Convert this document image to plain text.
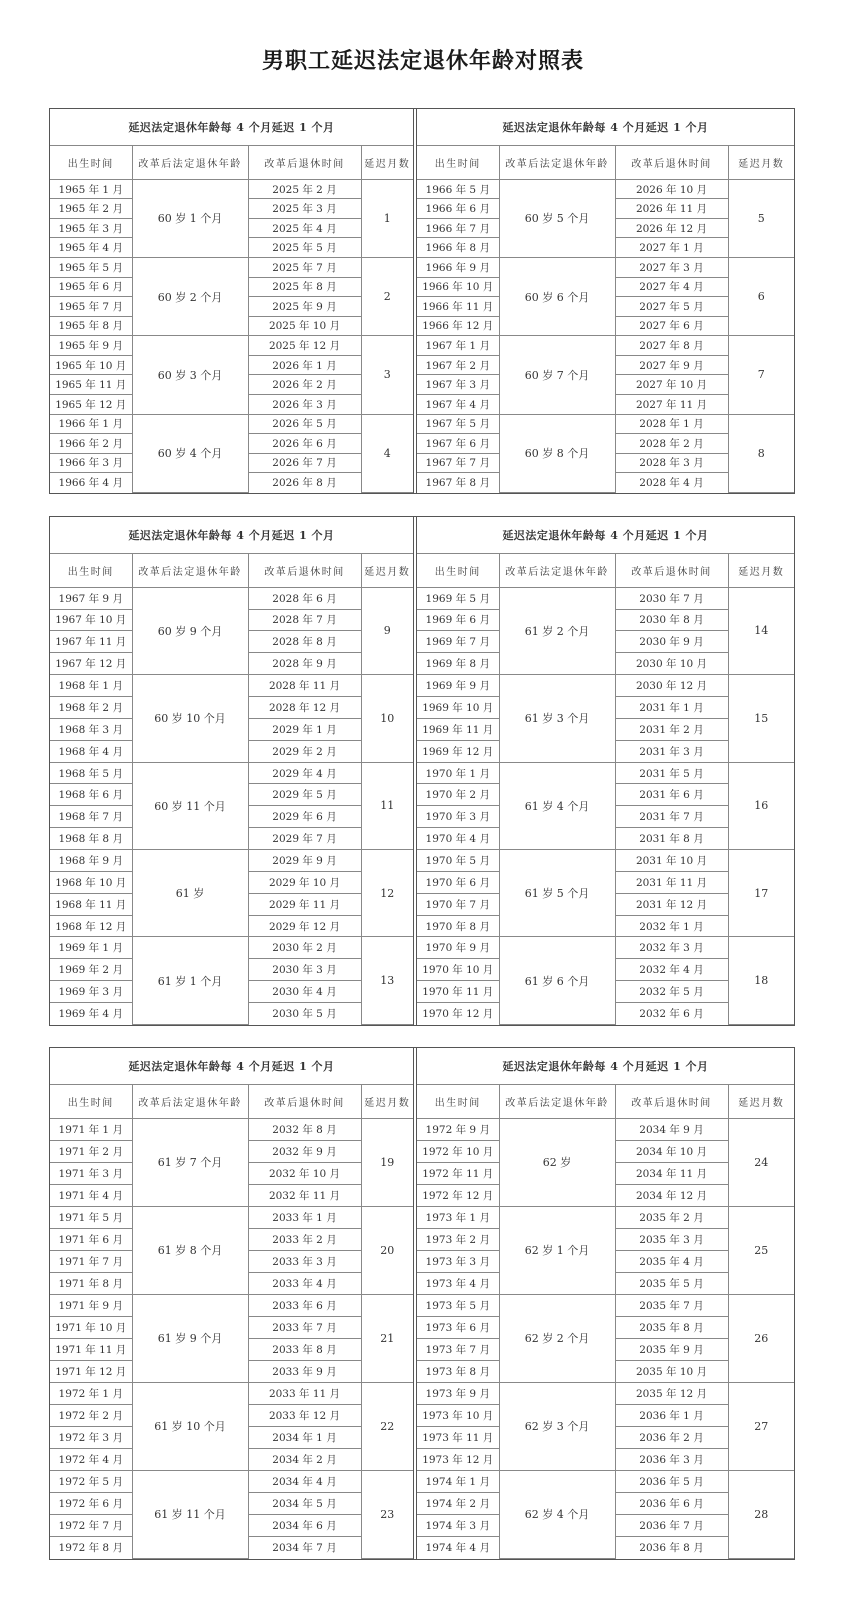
男职工延迟法定退休年龄对照表
延迟法定退休年龄每 4 个月延迟 1 个月			
出生时间	改革后法定退休年龄	改革后退休时间	延迟月数
1965 年 1 月	60 岁 1 个月	2025 年 2 月	1
1965 年 2 月		2025 年 3 月	
1965 年 3 月		2025 年 4 月	
1965 年 4 月		2025 年 5 月	
1965 年 5 月	60 岁 2 个月	2025 年 7 月	2
1965 年 6 月		2025 年 8 月	
1965 年 7 月		2025 年 9 月	
1965 年 8 月		2025 年 10 月	
1965 年 9 月	60 岁 3 个月	2025 年 12 月	3
1965 年 10 月		2026 年 1 月	
1965 年 11 月		2026 年 2 月	
1965 年 12 月		2026 年 3 月	
1966 年 1 月	60 岁 4 个月	2026 年 5 月	4
1966 年 2 月		2026 年 6 月	
1966 年 3 月		2026 年 7 月	
1966 年 4 月		2026 年 8 月	
延迟法定退休年龄每 4 个月延迟 1 个月			
出生时间	改革后法定退休年龄	改革后退休时间	延迟月数
1966 年 5 月	60 岁 5 个月	2026 年 10 月	5
1966 年 6 月		2026 年 11 月	
1966 年 7 月		2026 年 12 月	
1966 年 8 月		2027 年 1 月	
1966 年 9 月	60 岁 6 个月	2027 年 3 月	6
1966 年 10 月		2027 年 4 月	
1966 年 11 月		2027 年 5 月	
1966 年 12 月		2027 年 6 月	
1967 年 1 月	60 岁 7 个月	2027 年 8 月	7
1967 年 2 月		2027 年 9 月	
1967 年 3 月		2027 年 10 月	
1967 年 4 月		2027 年 11 月	
1967 年 5 月	60 岁 8 个月	2028 年 1 月	8
1967 年 6 月		2028 年 2 月	
1967 年 7 月		2028 年 3 月	
1967 年 8 月		2028 年 4 月	
延迟法定退休年龄每 4 个月延迟 1 个月			
出生时间	改革后法定退休年龄	改革后退休时间	延迟月数
1967 年 9 月	60 岁 9 个月	2028 年 6 月	9
1967 年 10 月		2028 年 7 月	
1967 年 11 月		2028 年 8 月	
1967 年 12 月		2028 年 9 月	
1968 年 1 月	60 岁 10 个月	2028 年 11 月	10
1968 年 2 月		2028 年 12 月	
1968 年 3 月		2029 年 1 月	
1968 年 4 月		2029 年 2 月	
1968 年 5 月	60 岁 11 个月	2029 年 4 月	11
1968 年 6 月		2029 年 5 月	
1968 年 7 月		2029 年 6 月	
1968 年 8 月		2029 年 7 月	
1968 年 9 月	61 岁	2029 年 9 月	12
1968 年 10 月		2029 年 10 月	
1968 年 11 月		2029 年 11 月	
1968 年 12 月		2029 年 12 月	
1969 年 1 月	61 岁 1 个月	2030 年 2 月	13
1969 年 2 月		2030 年 3 月	
1969 年 3 月		2030 年 4 月	
1969 年 4 月		2030 年 5 月	
延迟法定退休年龄每 4 个月延迟 1 个月			
出生时间	改革后法定退休年龄	改革后退休时间	延迟月数
1969 年 5 月	61 岁 2 个月	2030 年 7 月	14
1969 年 6 月		2030 年 8 月	
1969 年 7 月		2030 年 9 月	
1969 年 8 月		2030 年 10 月	
1969 年 9 月	61 岁 3 个月	2030 年 12 月	15
1969 年 10 月		2031 年 1 月	
1969 年 11 月		2031 年 2 月	
1969 年 12 月		2031 年 3 月	
1970 年 1 月	61 岁 4 个月	2031 年 5 月	16
1970 年 2 月		2031 年 6 月	
1970 年 3 月		2031 年 7 月	
1970 年 4 月		2031 年 8 月	
1970 年 5 月	61 岁 5 个月	2031 年 10 月	17
1970 年 6 月		2031 年 11 月	
1970 年 7 月		2031 年 12 月	
1970 年 8 月		2032 年 1 月	
1970 年 9 月	61 岁 6 个月	2032 年 3 月	18
1970 年 10 月		2032 年 4 月	
1970 年 11 月		2032 年 5 月	
1970 年 12 月		2032 年 6 月	
延迟法定退休年龄每 4 个月延迟 1 个月			
出生时间	改革后法定退休年龄	改革后退休时间	延迟月数
1971 年 1 月	61 岁 7 个月	2032 年 8 月	19
1971 年 2 月		2032 年 9 月	
1971 年 3 月		2032 年 10 月	
1971 年 4 月		2032 年 11 月	
1971 年 5 月	61 岁 8 个月	2033 年 1 月	20
1971 年 6 月		2033 年 2 月	
1971 年 7 月		2033 年 3 月	
1971 年 8 月		2033 年 4 月	
1971 年 9 月	61 岁 9 个月	2033 年 6 月	21
1971 年 10 月		2033 年 7 月	
1971 年 11 月		2033 年 8 月	
1971 年 12 月		2033 年 9 月	
1972 年 1 月	61 岁 10 个月	2033 年 11 月	22
1972 年 2 月		2033 年 12 月	
1972 年 3 月		2034 年 1 月	
1972 年 4 月		2034 年 2 月	
1972 年 5 月	61 岁 11 个月	2034 年 4 月	23
1972 年 6 月		2034 年 5 月	
1972 年 7 月		2034 年 6 月	
1972 年 8 月		2034 年 7 月	
延迟法定退休年龄每 4 个月延迟 1 个月			
出生时间	改革后法定退休年龄	改革后退休时间	延迟月数
1972 年 9 月	62 岁	2034 年 9 月	24
1972 年 10 月		2034 年 10 月	
1972 年 11 月		2034 年 11 月	
1972 年 12 月		2034 年 12 月	
1973 年 1 月	62 岁 1 个月	2035 年 2 月	25
1973 年 2 月		2035 年 3 月	
1973 年 3 月		2035 年 4 月	
1973 年 4 月		2035 年 5 月	
1973 年 5 月	62 岁 2 个月	2035 年 7 月	26
1973 年 6 月		2035 年 8 月	
1973 年 7 月		2035 年 9 月	
1973 年 8 月		2035 年 10 月	
1973 年 9 月	62 岁 3 个月	2035 年 12 月	27
1973 年 10 月		2036 年 1 月	
1973 年 11 月		2036 年 2 月	
1973 年 12 月		2036 年 3 月	
1974 年 1 月	62 岁 4 个月	2036 年 5 月	28
1974 年 2 月		2036 年 6 月	
1974 年 3 月		2036 年 7 月	
1974 年 4 月		2036 年 8 月	
